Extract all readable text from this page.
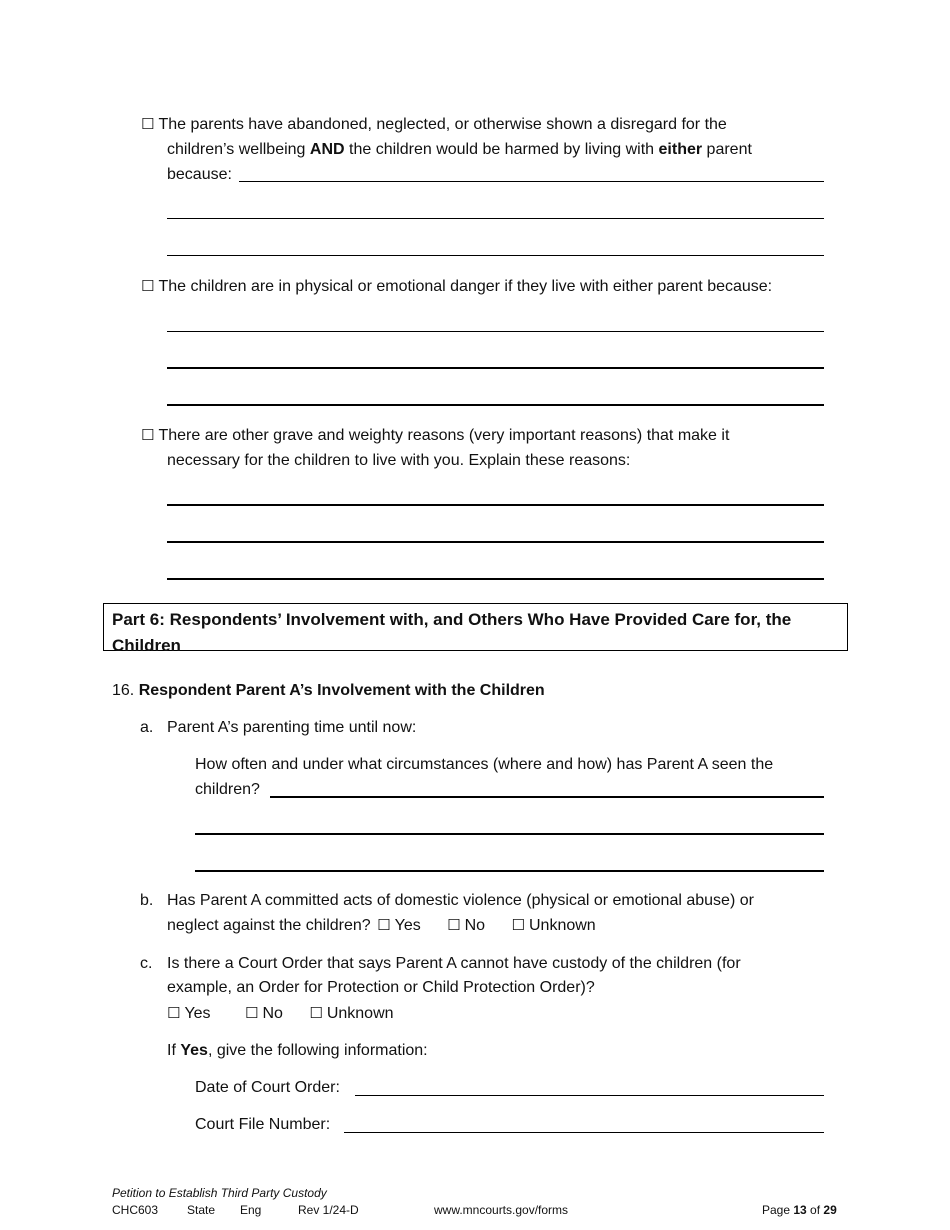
☐ The parents have abandoned, neglected, or otherwise shown a disregard for the
children’s wellbeing AND the children would be harmed by living with either parent
because:
☐ The children are in physical or emotional danger if they live with either parent because:
☐ There are other grave and weighty reasons (very important reasons) that make it
necessary for the children to live with you. Explain these reasons:
Part 6: Respondents’ Involvement with, and Others Who Have Provided Care for, the
Children
16. Respondent Parent A’s Involvement with the Children
a. Parent A’s parenting time until now:
How often and under what circumstances (where and how) has Parent A seen the
children?
b. Has Parent A committed acts of domestic violence (physical or emotional abuse) or
neglect against the children? ☐ Yes ☐ No ☐ Unknown
c. Is there a Court Order that says Parent A cannot have custody of the children (for
example, an Order for Protection or Child Protection Order)?
☐ Yes ☐ No ☐ Unknown
If Yes, give the following information:
Date of Court Order:
Court File Number:
Petition to Establish Third Party Custody
CHC603 State Eng	Rev 1/24-D	www.mncourts.gov/forms	Page 13 of 29
